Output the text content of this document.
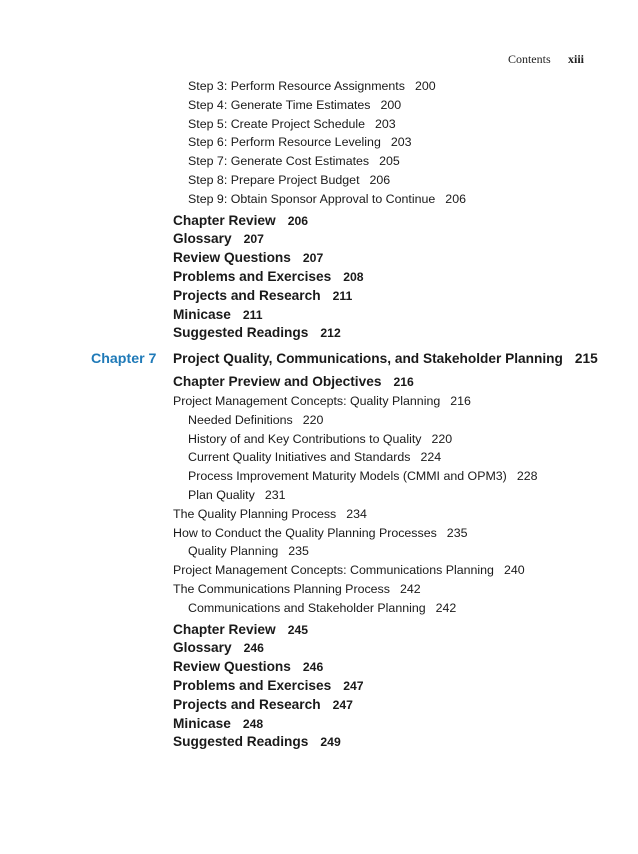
Contents xiii
Step 3: Perform Resource Assignments 200
Step 4: Generate Time Estimates 200
Step 5: Create Project Schedule 203
Step 6: Perform Resource Leveling 203
Step 7: Generate Cost Estimates 205
Step 8: Prepare Project Budget 206
Step 9: Obtain Sponsor Approval to Continue 206
Chapter Review 206
Glossary 207
Review Questions 207
Problems and Exercises 208
Projects and Research 211
Minicase 211
Suggested Readings 212
Chapter 7 Project Quality, Communications, and Stakeholder Planning 215
Chapter Preview and Objectives 216
Project Management Concepts: Quality Planning 216
Needed Definitions 220
History of and Key Contributions to Quality 220
Current Quality Initiatives and Standards 224
Process Improvement Maturity Models (CMMI and OPM3) 228
Plan Quality 231
The Quality Planning Process 234
How to Conduct the Quality Planning Processes 235
Quality Planning 235
Project Management Concepts: Communications Planning 240
The Communications Planning Process 242
Communications and Stakeholder Planning 242
Chapter Review 245
Glossary 246
Review Questions 246
Problems and Exercises 247
Projects and Research 247
Minicase 248
Suggested Readings 249
